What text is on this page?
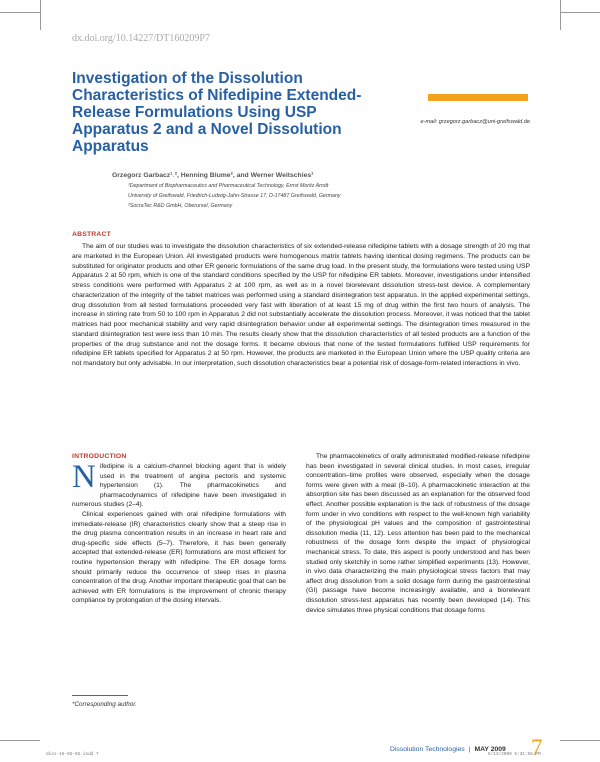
dx.doi.org/10.14227/DT160209P7
Investigation of the Dissolution Characteristics of Nifedipine Extended-Release Formulations Using USP Apparatus 2 and a Novel Dissolution Apparatus
e-mail: grzegorz.garbacz@uni-greifswald.de
Grzegorz Garbacz¹˒², Henning Blume², and Werner Weitschies¹
¹Department of Biopharmaceutics and Pharmaceutical Technology, Ernst Moritz Arndt
University of Greifswald, Friedrich-Ludwig-Jahn-Strasse 17, D-17487 Greifswald, Germany
²SocraTec R&D GmbH, Oberursel, Germany
ABSTRACT
The aim of our studies was to investigate the dissolution characteristics of six extended-release nifedipine tablets with a dosage strength of 20 mg that are marketed in the European Union. All investigated products were homogenous matrix tablets having identical dosing regimens. The products can be substituted for originator products and other ER generic formulations of the same drug load. In the present study, the formulations were tested using USP Apparatus 2 at 50 rpm, which is one of the standard conditions specified by the USP for nifedipine ER tablets. Moreover, investigations under intensified stress conditions were performed with Apparatus 2 at 100 rpm, as well as in a novel biorelevant dissolution stress-test device. A complementary characterization of the integrity of the tablet matrices was performed using a standard disintegration test apparatus. In the applied experimental settings, drug dissolution from all tested formulations proceeded very fast with liberation of at least 15 mg of drug within the first two hours of analysis. The increase in stirring rate from 50 to 100 rpm in Apparatus 2 did not substantially accelerate the dissolution process. Moreover, it was noticed that the tablet matrices had poor mechanical stability and very rapid disintegration behavior under all experimental settings. The disintegration times measured in the standard disintegration test were less than 10 min. The results clearly show that the dissolution characteristics of all tested products are a function of the properties of the drug substance and not the dosage forms. It became obvious that none of the tested formulations fulfilled USP requirements for nifedipine ER tablets specified for Apparatus 2 at 50 rpm. However, the products are marketed in the European Union where the USP quality criteria are not mandatory but only advisable. In our interpretation, such dissolution characteristics bear a potential risk of dosage-form-related interactions in vivo.
INTRODUCTION

Nifedipine is a calcium-channel blocking agent that is widely used in the treatment of angina pectoris and systemic hypertension (1). The pharmacokinetics and pharmacodynamics of nifedipine have been investigated in numerous studies (2–4).

Clinical experiences gained with oral nifedipine formulations with immediate-release (IR) characteristics clearly show that a steep rise in the drug plasma concentration results in an increase in heart rate and drug-specific side effects (5–7). Therefore, it has been generally accepted that extended-release (ER) formulations are most efficient for routine hypertension therapy with nifedipine. The ER dosage forms should primarily reduce the occurrence of steep rises in plasma concentration of the drug. Another important therapeutic goal that can be achieved with ER formulations is the improvement of chronic therapy compliance by prolongation of the dosing intervals.

The pharmacokinetics of orally administrated modified-release nifedipine has been investigated in several clinical studies. In most cases, irregular concentration–time profiles were observed, especially when the dosage forms were given with a meal (8–10). A pharmacokinetic interaction at the absorption site has been discussed as an explanation for the observed food effect. Another possible explanation is the lack of robustness of the dosage form under in vivo conditions with respect to the well-known high variability of the physiological pH values and the composition of gastrointestinal dissolution media (11, 12). Less attention has been paid to the mechanical robustness of the dosage form despite the impact of physiological mechanical stress. To date, this aspect is poorly understood and has been studied only sketchily in some rather simplified experiments (13). However, in vivo data characterizing the main physiological stress factors that may affect drug dissolution from a solid dosage form during the gastrointestinal (GI) passage have become increasingly available, and a biorelevant dissolution stress-test apparatus has recently been developed (14). This device simulates three physical conditions that dosage forms

*Corresponding author.
Dissolution Technologies | MAY 2009 7
diss-16-02-02.indd 7	5/13/2009 5:31:58 PM
